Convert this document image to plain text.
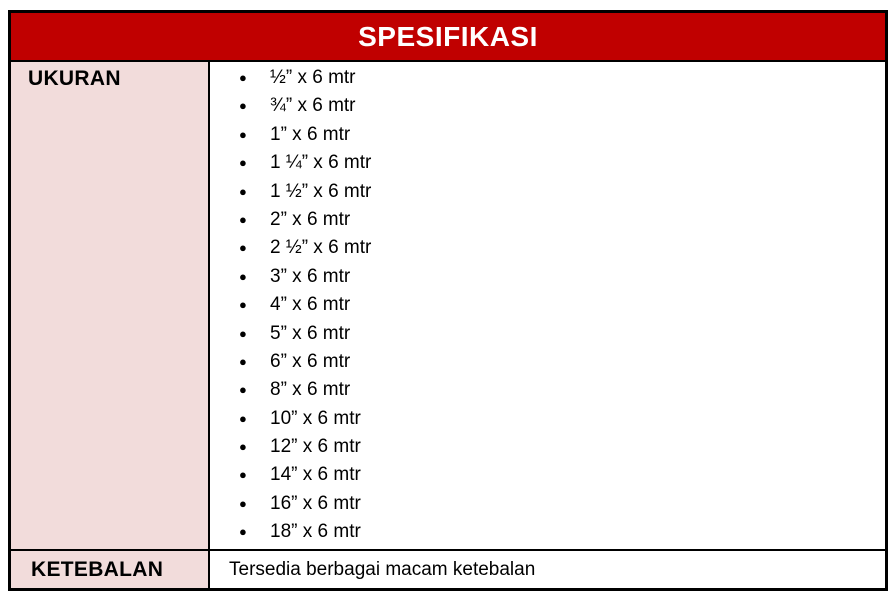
SPESIFIKASI
UKURAN	● ½” x 6 mtr
● ¾” x 6 mtr
● 1” x 6 mtr
● 1 ¼” x 6 mtr
● 1 ½” x 6 mtr
● 2” x 6 mtr
● 2 ½” x 6 mtr
● 3” x 6 mtr
● 4” x 6 mtr
● 5” x 6 mtr
● 6” x 6 mtr
● 8” x 6 mtr
● 10” x 6 mtr
● 12” x 6 mtr
● 14” x 6 mtr
● 16” x 6 mtr
● 18” x 6 mtr
KETEBALAN	Tersedia berbagai macam ketebalan
